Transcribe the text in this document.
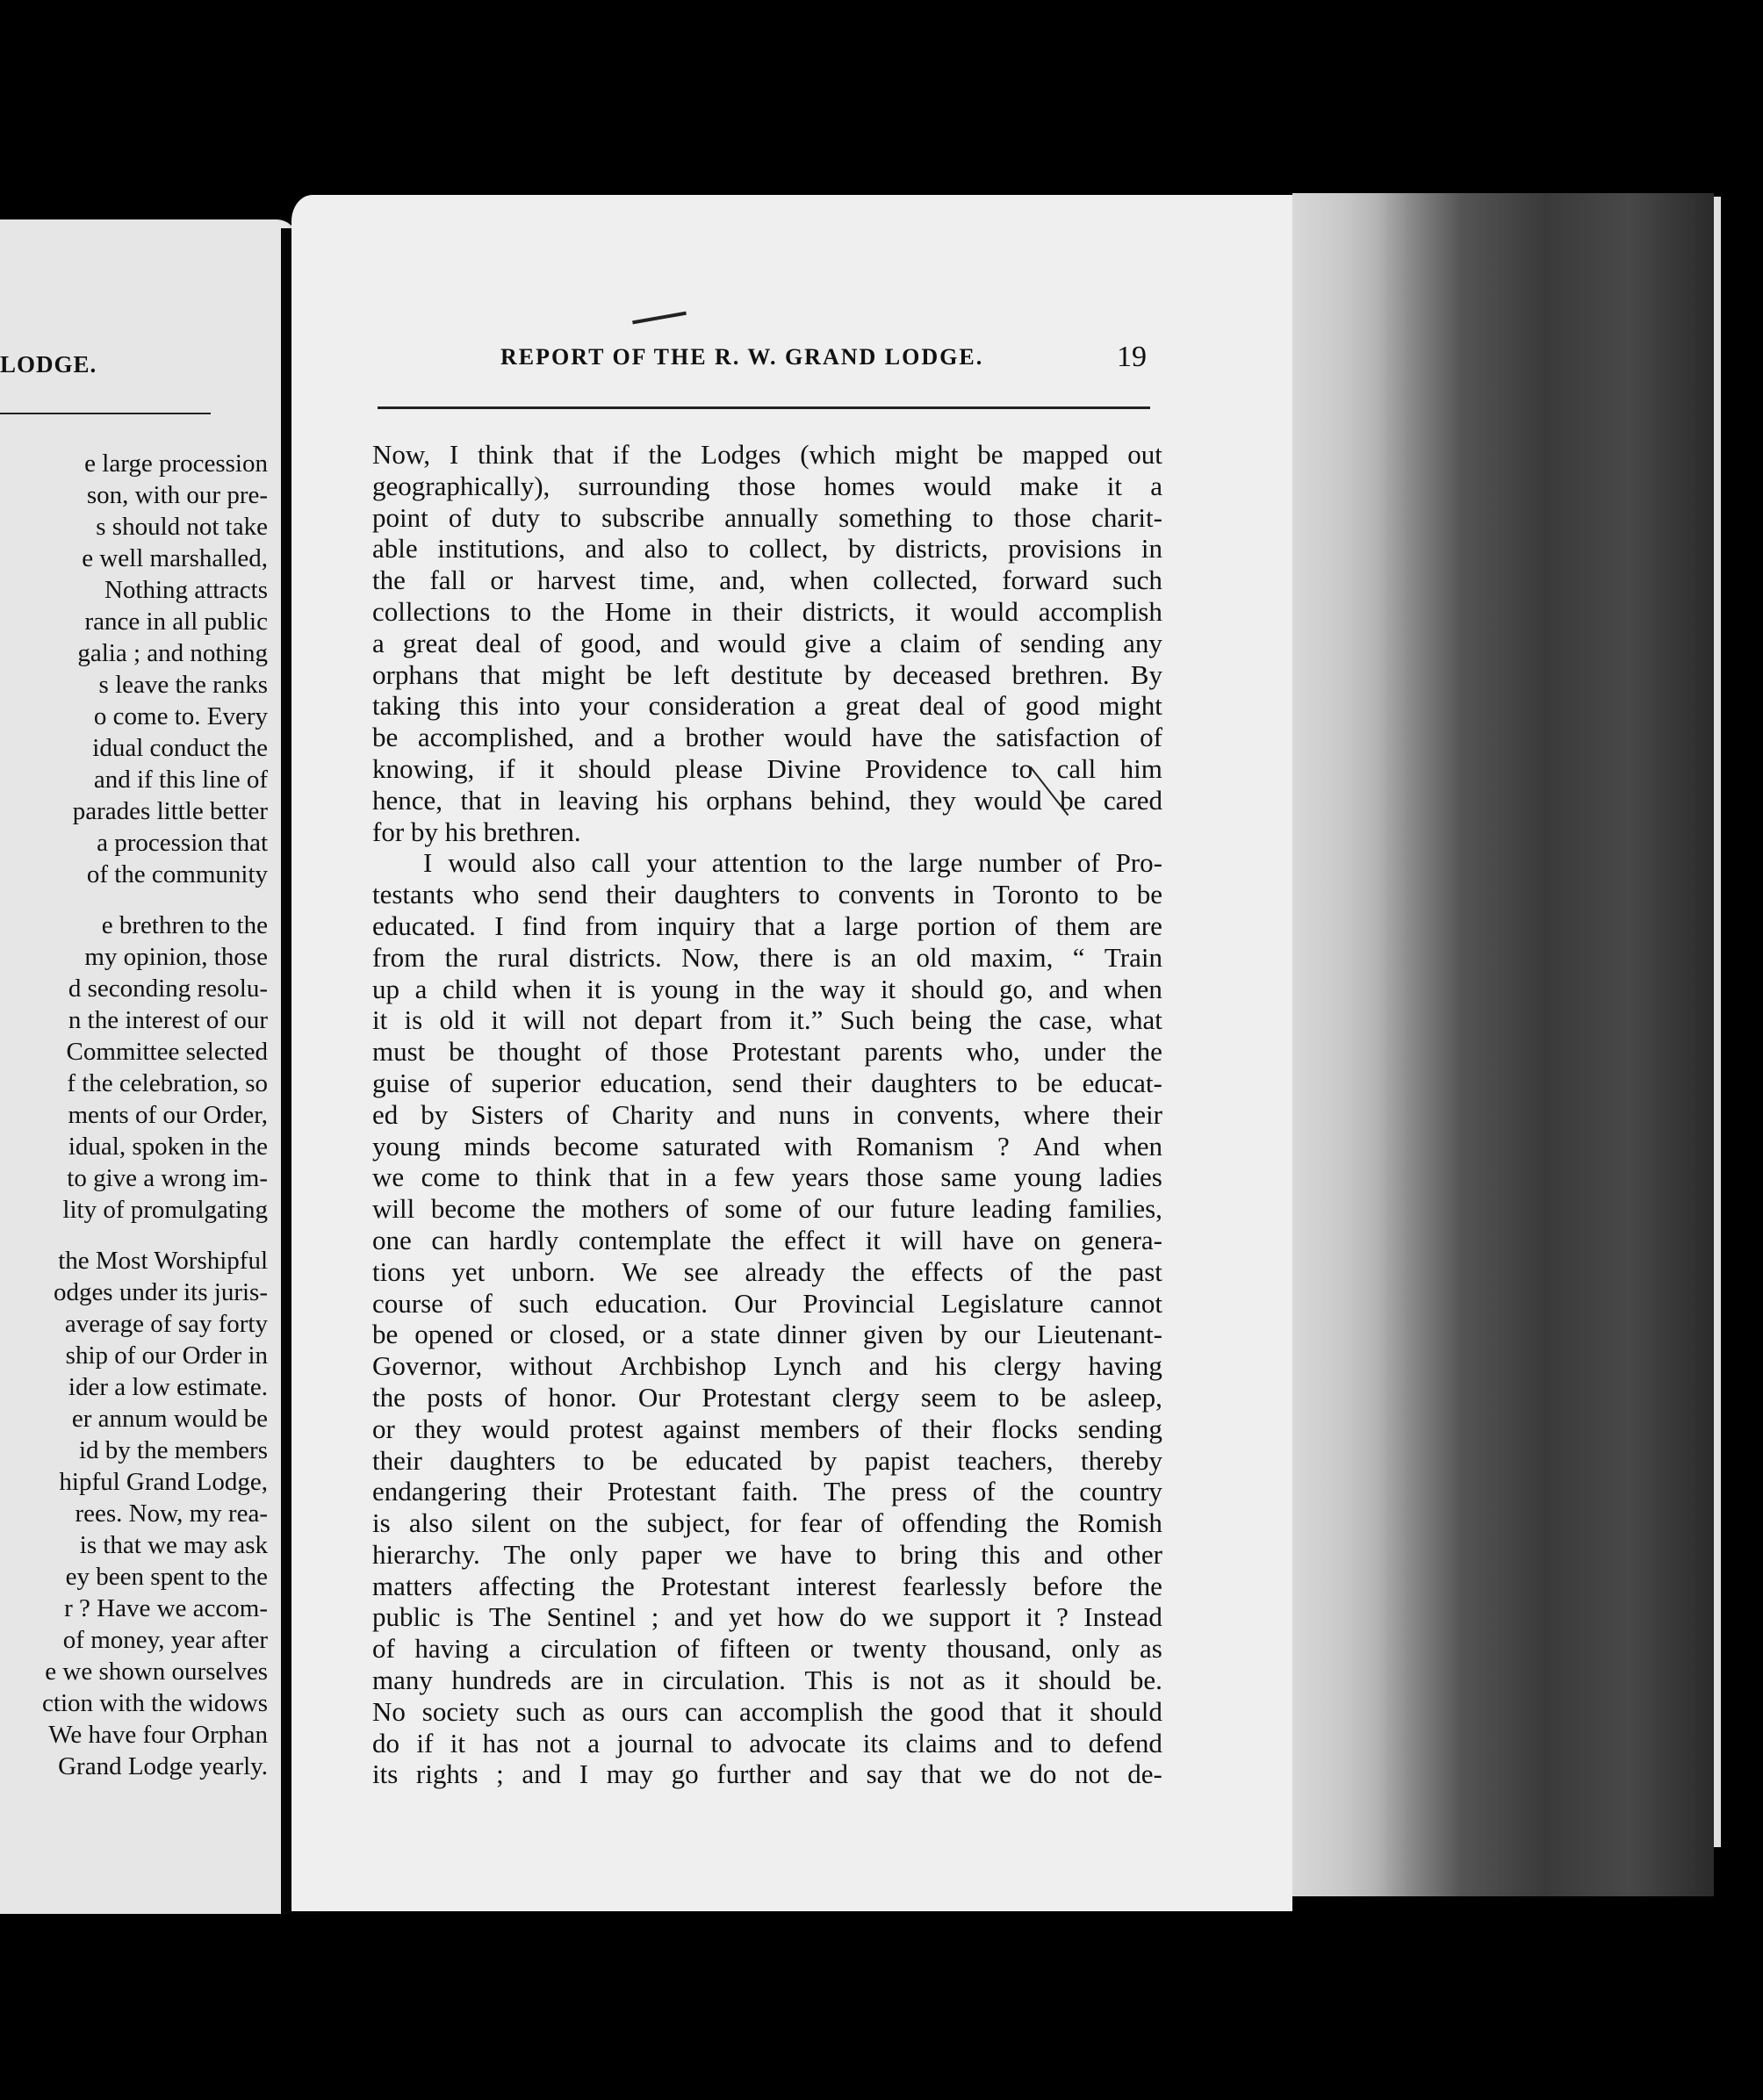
LODGE.
e large procession
son, with our pre-
s should not take
e well marshalled,
Nothing attracts
rance in all public
galia ; and nothing
s leave the ranks
o come to. Every
idual conduct the
and if this line of
parades little better
a procession that
of the community
e brethren to the
my opinion, those
d seconding resolu-
n the interest of our
Committee selected
f the celebration, so
ments of our Order,
idual, spoken in the
to give a wrong im-
lity of promulgating
the Most Worshipful
odges under its juris-
average of say forty
ship of our Order in
ider a low estimate.
er annum would be
id by the members
hipful Grand Lodge,
rees. Now, my rea-
is that we may ask
ey been spent to the
r ? Have we accom-
of money, year after
e we shown ourselves
ction with the widows
We have four Orphan
Grand Lodge yearly.
REPORT OF THE R. W. GRAND LODGE.	19
Now, I think that if the Lodges (which might be mapped out
geographically), surrounding those homes would make it a
point of duty to subscribe annually something to those charit-
able institutions, and also to collect, by districts, provisions in
the fall or harvest time, and, when collected, forward such
collections to the Home in their districts, it would accomplish
a great deal of good, and would give a claim of sending any
orphans that might be left destitute by deceased brethren. By
taking this into your consideration a great deal of good might
be accomplished, and a brother would have the satisfaction of
knowing, if it should please Divine Providence to call him
hence, that in leaving his orphans behind, they would be cared
for by his brethren.
I would also call your attention to the large number of Pro-
testants who send their daughters to convents in Toronto to be
educated. I find from inquiry that a large portion of them are
from the rural districts. Now, there is an old maxim, “ Train
up a child when it is young in the way it should go, and when
it is old it will not depart from it.” Such being the case, what
must be thought of those Protestant parents who, under the
guise of superior education, send their daughters to be educat-
ed by Sisters of Charity and nuns in convents, where their
young minds become saturated with Romanism ? And when
we come to think that in a few years those same young ladies
will become the mothers of some of our future leading families,
one can hardly contemplate the effect it will have on genera-
tions yet unborn. We see already the effects of the past
course of such education. Our Provincial Legislature cannot
be opened or closed, or a state dinner given by our Lieutenant-
Governor, without Archbishop Lynch and his clergy having
the posts of honor. Our Protestant clergy seem to be asleep,
or they would protest against members of their flocks sending
their daughters to be educated by papist teachers, thereby
endangering their Protestant faith. The press of the country
is also silent on the subject, for fear of offending the Romish
hierarchy. The only paper we have to bring this and other
matters affecting the Protestant interest fearlessly before the
public is The Sentinel ; and yet how do we support it ? Instead
of having a circulation of fifteen or twenty thousand, only as
many hundreds are in circulation. This is not as it should be.
No society such as ours can accomplish the good that it should
do if it has not a journal to advocate its claims and to defend
its rights ; and I may go further and say that we do not de-
